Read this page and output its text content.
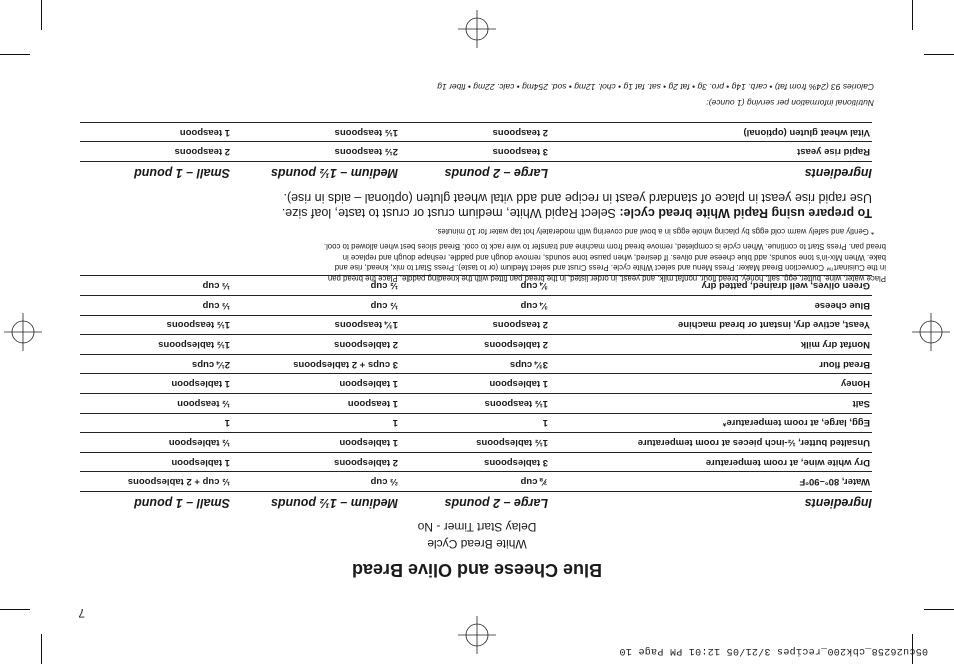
05cu26258_cbk200_recipes 3/21/05 12:01 PM Page 10
7
Blue Cheese and Olive Bread
White Bread Cycle
Delay Start Timer - No
Ingredients	Large – 2 pounds	Medium – 1½ pounds	Small – 1 pound
Water, 80°–90°F	⅞ cup	⅔ cup	½ cup + 2 tablespoons
Dry white wine, at room temperature	3 tablespoons	2 tablespoons	1 tablespoon
Unsalted butter, ½-inch pieces at room temperature	1½ tablespoons	1 tablespoon	½ tablespoon
Egg, large, at room temperature*	1	1	1
Salt	1½ teaspoons	1 teaspoon	½ teaspoon
Honey	1 tablespoon	1 tablespoon	1 tablespoon
Bread flour	3¾ cups	3 cups + 2 tablespoons	2¼ cups
Nonfat dry milk	2 tablespoons	2 tablespoons	1½ tablespoons
Yeast, active dry, instant or bread machine	2 teaspoons	1¾ teaspoons	1½ teaspoons
Blue cheese	¾ cup	½ cup	⅓ cup
Green olives, well drained, patted dry	¾ cup	½ cup	⅓ cup
Place water, wine, butter, egg, salt, honey, bread flour, nonfat milk, and yeast, in order listed, in the bread pan fitted with the kneading paddle. Place the bread pan
in the Cuisinart™ Convection Bread Maker. Press Menu and select White cycle. Press Crust and select Medium (or to taste). Press Start to mix, knead, rise and
bake. When Mix-in's tone sounds, add blue cheese and olives. If desired, when pause tone sounds, remove dough and paddle, reshape dough and replace in
bread pan. Press Start to continue. When cycle is completed, remove bread from machine and transfer to wire rack to cool. Bread slices best when allowed to cool.
* Gently and safely warm cold eggs by placing whole eggs in a bowl and covering with moderately hot tap water for 10 minutes.
To prepare using Rapid White bread cycle: Select Rapid White, medium crust or crust to taste, loaf size.
Use rapid rise yeast in place of standard yeast in recipe and add vital wheat gluten (optional – aids in rise).
Ingredients	Large – 2 pounds	Medium – 1½ pounds	Small – 1 pound
Rapid rise yeast	3 teaspoons	2½ teaspoons	2 teaspoons
Vital wheat gluten (optional)	2 teaspoons	1½ teaspoons	1 teaspoon
Nutritional information per serving (1 ounce):
Calories 93 (24% from fat) • carb. 14g • pro. 3g • fat 2g • sat. fat 1g • chol. 12mg • sod. 254mg • calc. 22mg • fiber 1g
